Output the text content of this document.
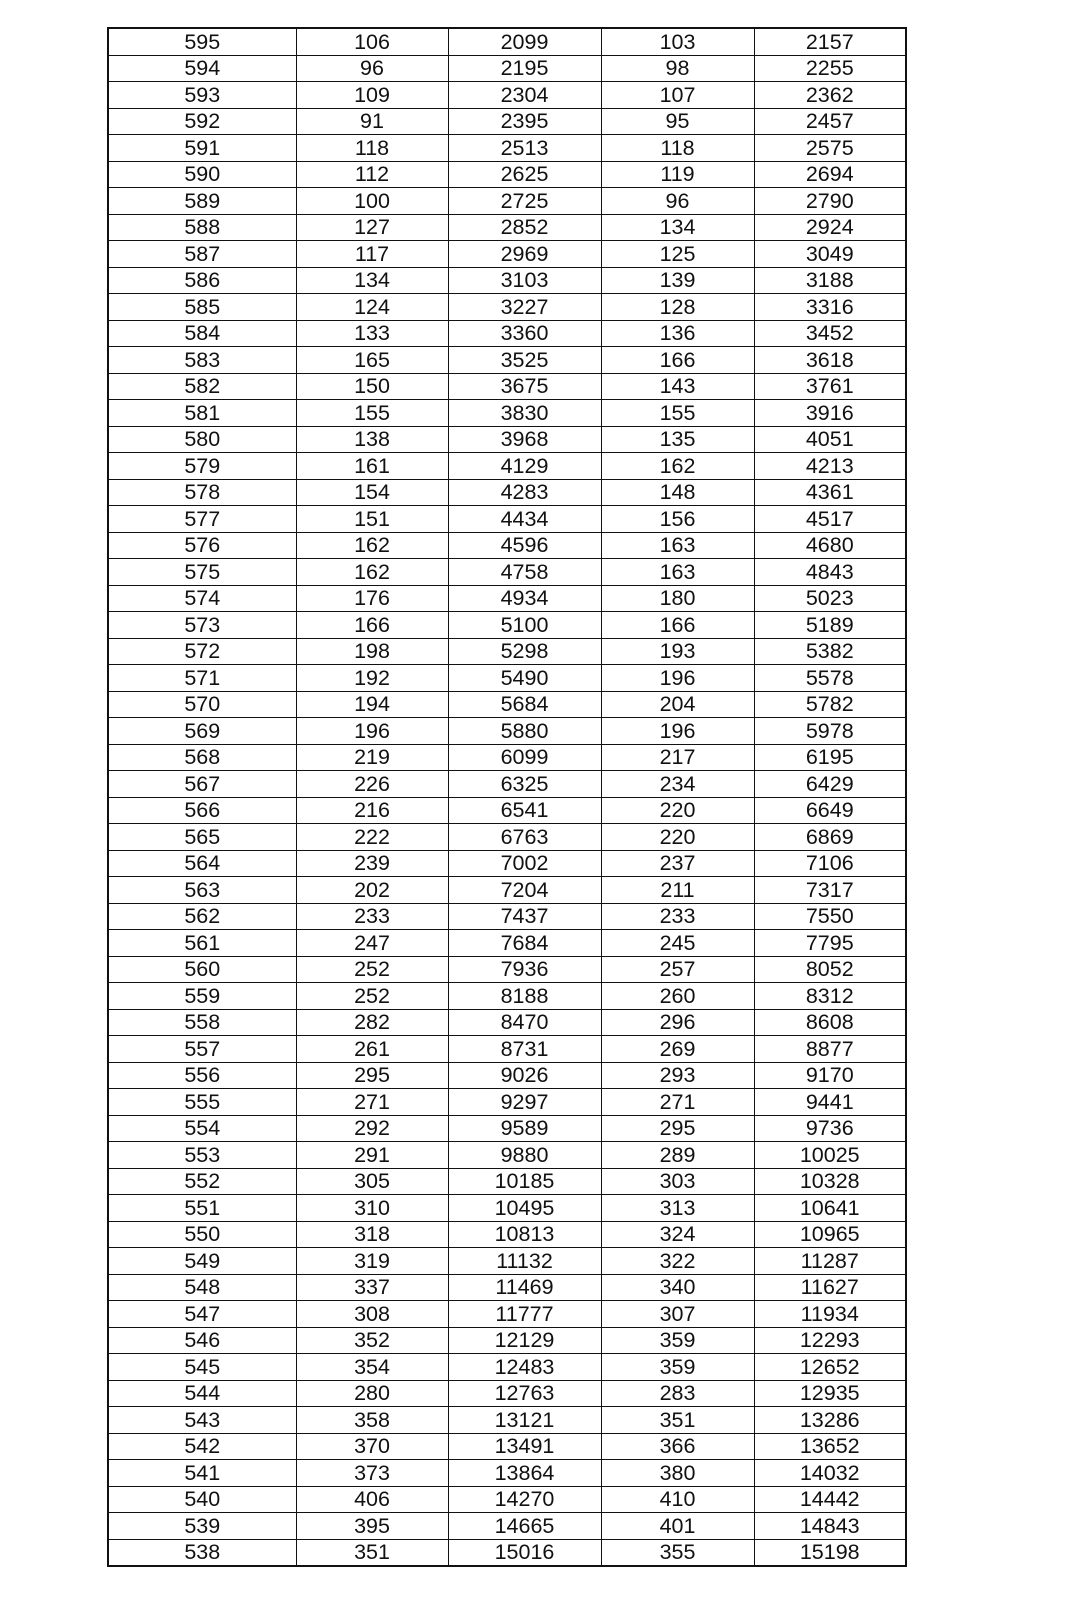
595	106	2099	103	2157
594	96	2195	98	2255
593	109	2304	107	2362
592	91	2395	95	2457
591	118	2513	118	2575
590	112	2625	119	2694
589	100	2725	96	2790
588	127	2852	134	2924
587	117	2969	125	3049
586	134	3103	139	3188
585	124	3227	128	3316
584	133	3360	136	3452
583	165	3525	166	3618
582	150	3675	143	3761
581	155	3830	155	3916
580	138	3968	135	4051
579	161	4129	162	4213
578	154	4283	148	4361
577	151	4434	156	4517
576	162	4596	163	4680
575	162	4758	163	4843
574	176	4934	180	5023
573	166	5100	166	5189
572	198	5298	193	5382
571	192	5490	196	5578
570	194	5684	204	5782
569	196	5880	196	5978
568	219	6099	217	6195
567	226	6325	234	6429
566	216	6541	220	6649
565	222	6763	220	6869
564	239	7002	237	7106
563	202	7204	211	7317
562	233	7437	233	7550
561	247	7684	245	7795
560	252	7936	257	8052
559	252	8188	260	8312
558	282	8470	296	8608
557	261	8731	269	8877
556	295	9026	293	9170
555	271	9297	271	9441
554	292	9589	295	9736
553	291	9880	289	10025
552	305	10185	303	10328
551	310	10495	313	10641
550	318	10813	324	10965
549	319	11132	322	11287
548	337	11469	340	11627
547	308	11777	307	11934
546	352	12129	359	12293
545	354	12483	359	12652
544	280	12763	283	12935
543	358	13121	351	13286
542	370	13491	366	13652
541	373	13864	380	14032
540	406	14270	410	14442
539	395	14665	401	14843
538	351	15016	355	15198
